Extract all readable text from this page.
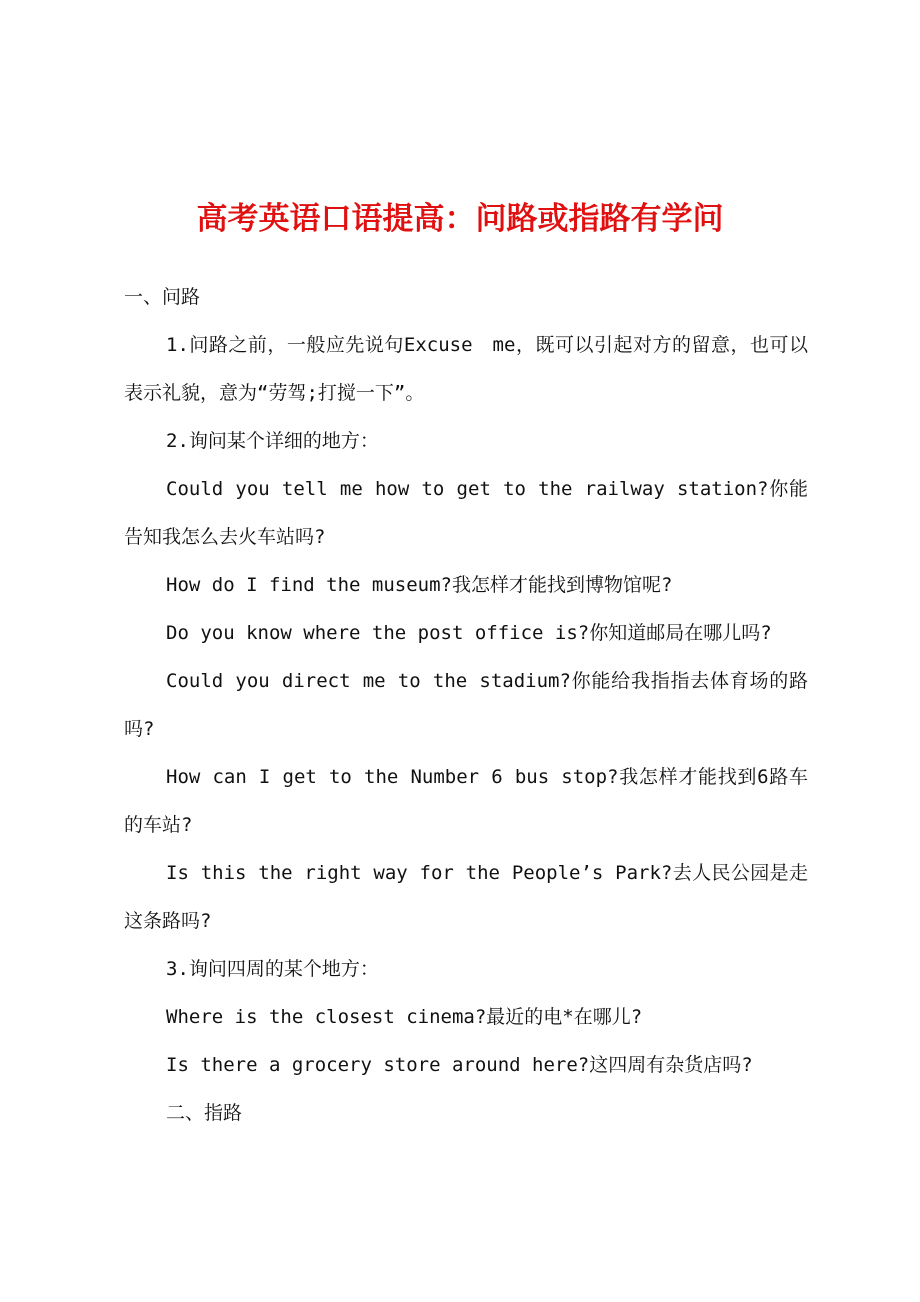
高考英语口语提高：问路或指路有学问

一、问路

1.问路之前，一般应先说句Excuse　me，既可以引起对方的留意，也可以表示礼貌，意为“劳驾;打搅一下”。

2.询问某个详细的地方：

Could you tell me how to get to the railway station?你能告知我怎么去火车站吗?

How do I find the museum?我怎样才能找到博物馆呢?

Do you know where the post office is?你知道邮局在哪儿吗?

Could you direct me to the stadium?你能给我指指去体育场的路吗?

How can I get to the Number 6 bus stop?我怎样才能找到6路车的车站?

Is this the right way for the People’s Park?去人民公园是走这条路吗?

3.询问四周的某个地方：

Where is the closest cinema?最近的电*在哪儿?

Is there a grocery store around here?这四周有杂货店吗?

二、指路
